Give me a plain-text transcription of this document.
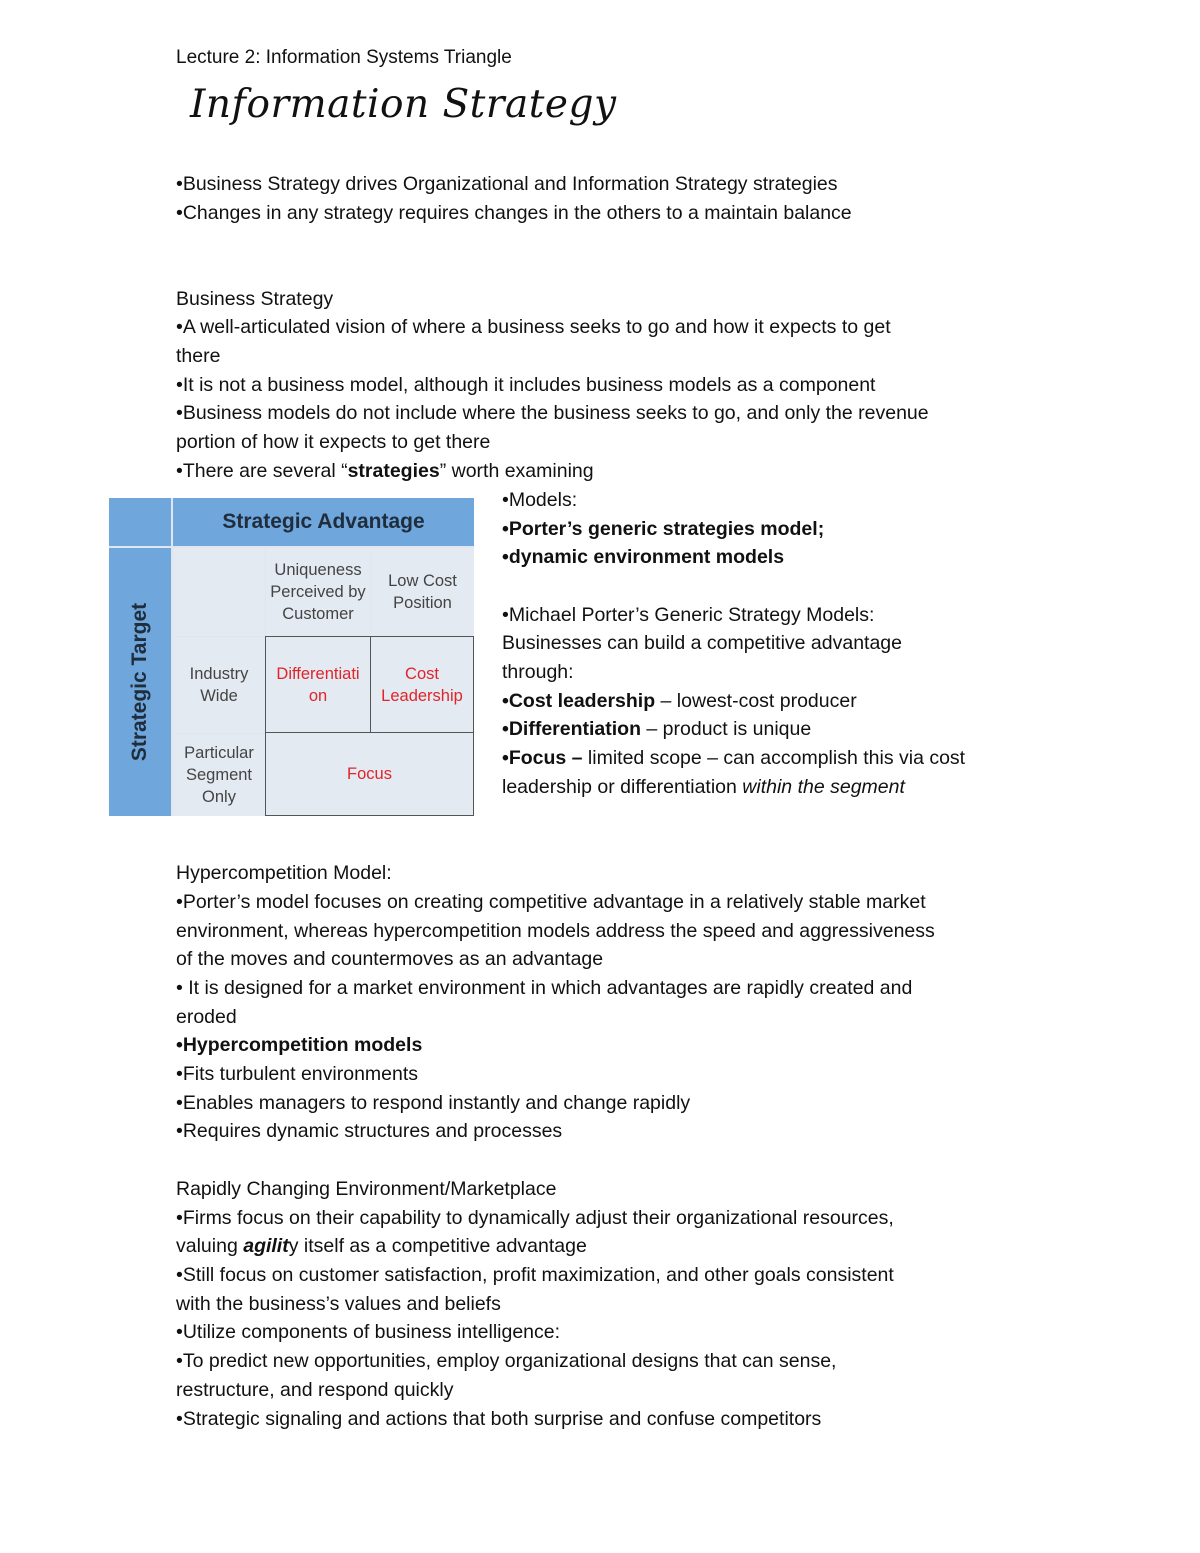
Lecture 2: Information Systems Triangle
Information Strategy
•Business Strategy drives Organizational and Information Strategy strategies
•Changes in any strategy requires changes in the others to a maintain balance
Business Strategy
•A well-articulated vision of where a business seeks to go and how it expects to get
there
•It is not a business model, although it includes business models as a component
•Business models do not include where the business seeks to go, and only the revenue
portion of how it expects to get there
•There are several “strategies” worth examining
Strategic Advantage
Strategic Target
Uniqueness Perceived by Customer
Low Cost Position
Industry Wide
Differentiation
Cost Leadership
Particular Segment Only
Focus
•Models:
•Porter’s generic strategies model;
•dynamic environment models
•Michael Porter’s Generic Strategy Models:
Businesses can build a competitive advantage
through:
•Cost leadership – lowest-cost producer
•Differentiation – product is unique
•Focus – limited scope – can accomplish this via cost
leadership or differentiation within the segment
Hypercompetition Model:
•Porter’s model focuses on creating competitive advantage in a relatively stable market
environment, whereas hypercompetition models address the speed and aggressiveness
of the moves and countermoves as an advantage
• It is designed for a market environment in which advantages are rapidly created and
eroded
•Hypercompetition models
•Fits turbulent environments
•Enables managers to respond instantly and change rapidly
•Requires dynamic structures and processes
Rapidly Changing Environment/Marketplace
•Firms focus on their capability to dynamically adjust their organizational resources,
valuing agility itself as a competitive advantage
•Still focus on customer satisfaction, profit maximization, and other goals consistent
with the business’s values and beliefs
•Utilize components of business intelligence:
•To predict new opportunities, employ organizational designs that can sense,
restructure, and respond quickly
•Strategic signaling and actions that both surprise and confuse competitors
